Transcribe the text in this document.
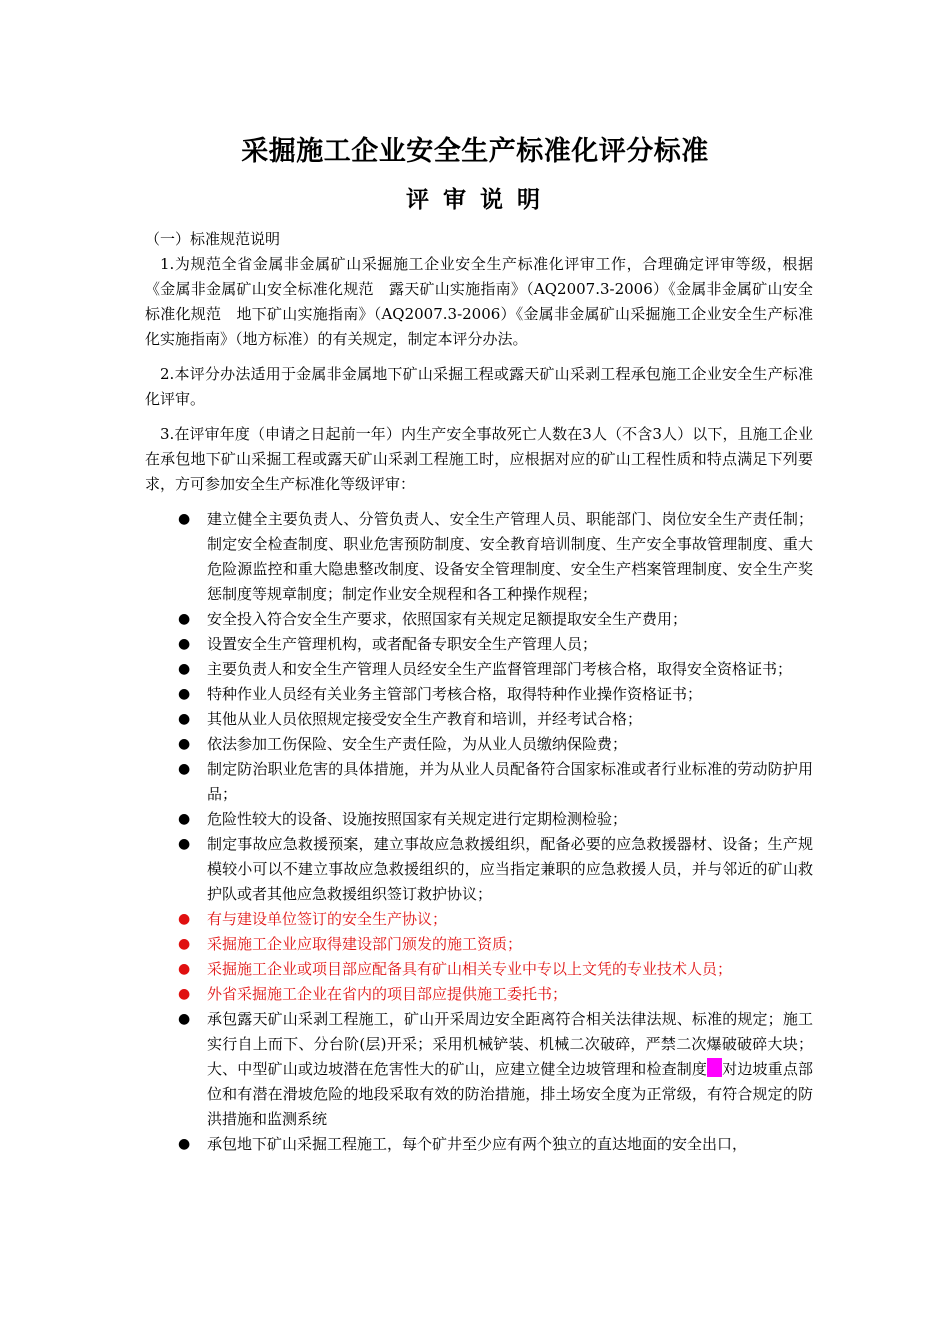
采掘施工企业安全生产标准化评分标准
评审说明

（一）标准规范说明

1.为规范全省金属非金属矿山采掘施工企业安全生产标准化评审工作，合理确定评审等级，根据《金属非金属矿山安全标准化规范　露天矿山实施指南》（AQ2007.3-2006）《金属非金属矿山安全标准化规范　地下矿山实施指南》（AQ2007.3-2006）《金属非金属矿山采掘施工企业安全生产标准化实施指南》（地方标准）的有关规定，制定本评分办法。

2.本评分办法适用于金属非金属地下矿山采掘工程或露天矿山采剥工程承包施工企业安全生产标准化评审。

3.在评审年度（申请之日起前一年）内生产安全事故死亡人数在3人（不含3人）以下，且施工企业在承包地下矿山采掘工程或露天矿山采剥工程施工时，应根据对应的矿山工程性质和特点满足下列要求，方可参加安全生产标准化等级评审：

● 建立健全主要负责人、分管负责人、安全生产管理人员、职能部门、岗位安全生产责任制；制定安全检查制度、职业危害预防制度、安全教育培训制度、生产安全事故管理制度、重大危险源监控和重大隐患整改制度、设备安全管理制度、安全生产档案管理制度、安全生产奖惩制度等规章制度；制定作业安全规程和各工种操作规程；
● 安全投入符合安全生产要求，依照国家有关规定足额提取安全生产费用；
● 设置安全生产管理机构，或者配备专职安全生产管理人员；
● 主要负责人和安全生产管理人员经安全生产监督管理部门考核合格，取得安全资格证书；
● 特种作业人员经有关业务主管部门考核合格，取得特种作业操作资格证书；
● 其他从业人员依照规定接受安全生产教育和培训，并经考试合格；
● 依法参加工伤保险、安全生产责任险，为从业人员缴纳保险费；
● 制定防治职业危害的具体措施，并为从业人员配备符合国家标准或者行业标准的劳动防护用品；
● 危险性较大的设备、设施按照国家有关规定进行定期检测检验；
● 制定事故应急救援预案，建立事故应急救援组织，配备必要的应急救援器材、设备；生产规模较小可以不建立事故应急救援组织的，应当指定兼职的应急救援人员，并与邻近的矿山救护队或者其他应急救援组织签订救护协议；
● 有与建设单位签订的安全生产协议；
● 采掘施工企业应取得建设部门颁发的施工资质；
● 采掘施工企业或项目部应配备具有矿山相关专业中专以上文凭的专业技术人员；
● 外省采掘施工企业在省内的项目部应提供施工委托书；
● 承包露天矿山采剥工程施工，矿山开采周边安全距离符合相关法律法规、标准的规定；施工实行自上而下、分台阶(层)开采；采用机械铲装、机械二次破碎，严禁二次爆破破碎大块；大、中型矿山或边坡潜在危害性大的矿山，应建立健全边坡管理和检查制度 对边坡重点部位和有潜在滑坡危险的地段采取有效的防治措施，排土场安全度为正常级，有符合规定的防洪措施和监测系统
● 承包地下矿山采掘工程施工，每个矿井至少应有两个独立的直达地面的安全出口，
